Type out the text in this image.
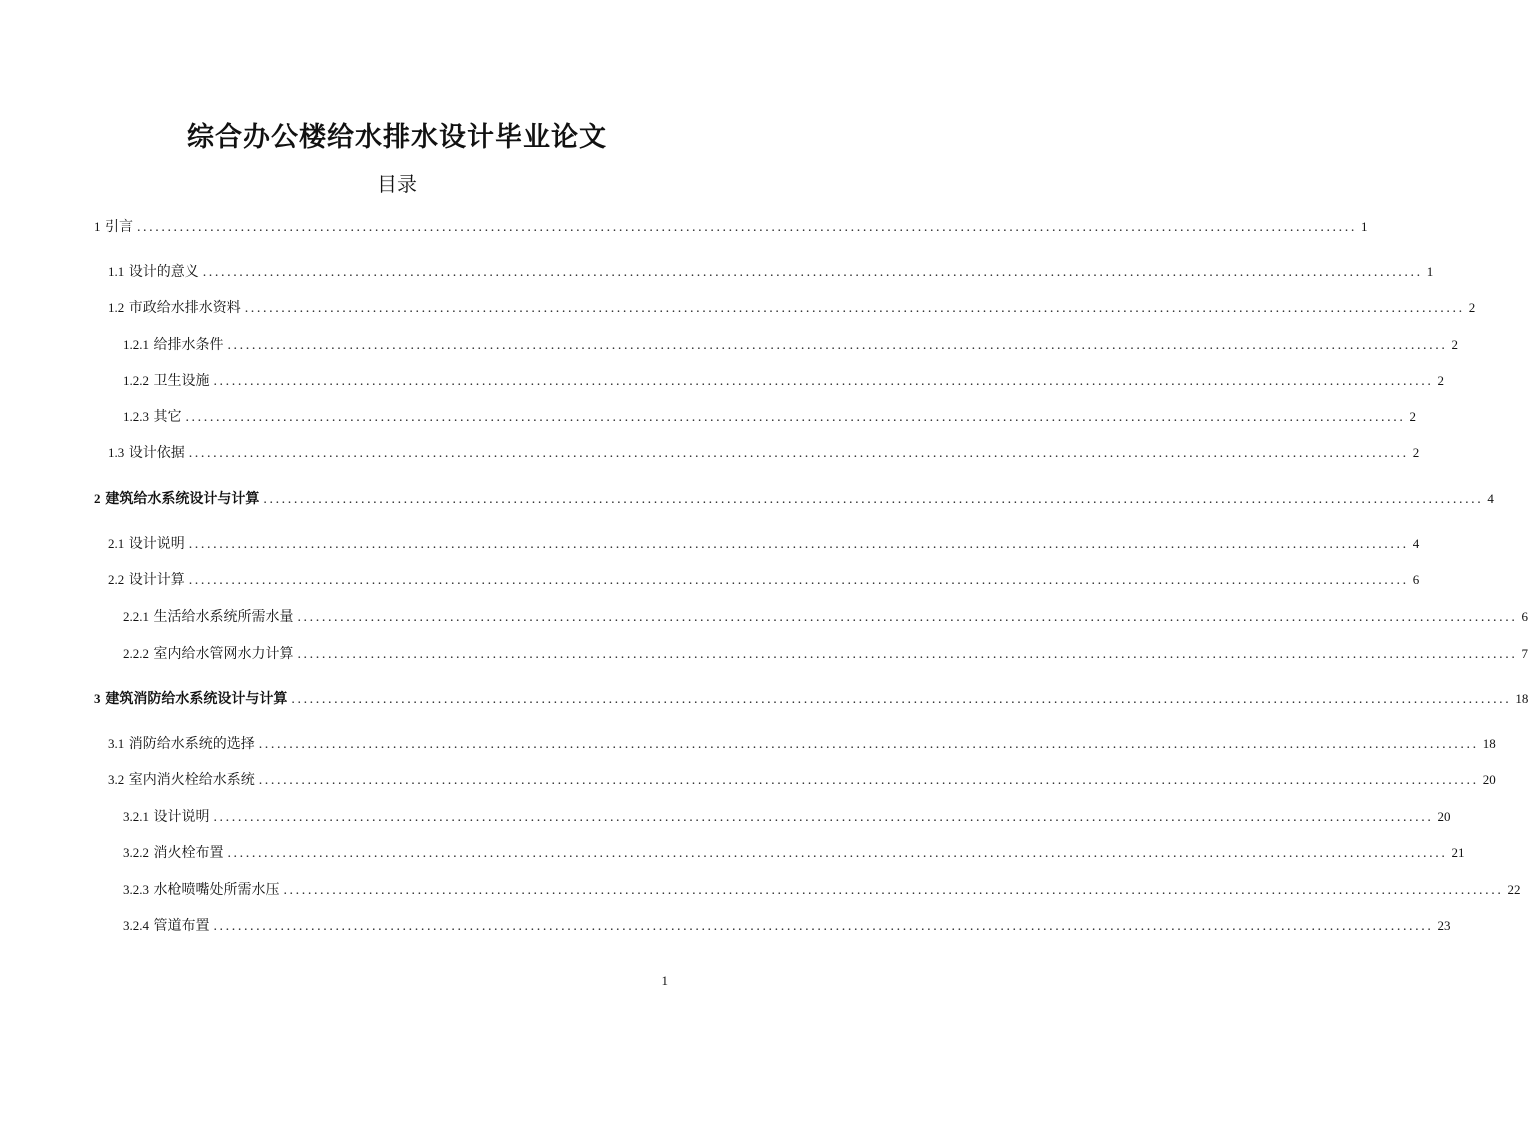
综合办公楼给水排水设计毕业论文
目录
1 引言 ........................................................................................................................................................................................................ 1
1.1 设计的意义 ........................................................................................................................................................................................................ 1
1.2 市政给水排水资料 ........................................................................................................................................................................................................ 2
1.2.1 给排水条件 ........................................................................................................................................................................................................ 2
1.2.2 卫生设施 ........................................................................................................................................................................................................ 2
1.2.3 其它 ........................................................................................................................................................................................................ 2
1.3 设计依据 ........................................................................................................................................................................................................ 2
2 建筑给水系统设计与计算 ........................................................................................................................................................................................................ 4
2.1 设计说明 ........................................................................................................................................................................................................ 4
2.2 设计计算 ........................................................................................................................................................................................................ 6
2.2.1 生活给水系统所需水量 ........................................................................................................................................................................................................ 6
2.2.2 室内给水管网水力计算 ........................................................................................................................................................................................................ 7
3 建筑消防给水系统设计与计算 ........................................................................................................................................................................................................ 18
3.1 消防给水系统的选择 ........................................................................................................................................................................................................ 18
3.2 室内消火栓给水系统 ........................................................................................................................................................................................................ 20
3.2.1 设计说明 ........................................................................................................................................................................................................ 20
3.2.2 消火栓布置 ........................................................................................................................................................................................................ 21
3.2.3 水枪喷嘴处所需水压 ........................................................................................................................................................................................................ 22
3.2.4 管道布置 ........................................................................................................................................................................................................ 23
1
